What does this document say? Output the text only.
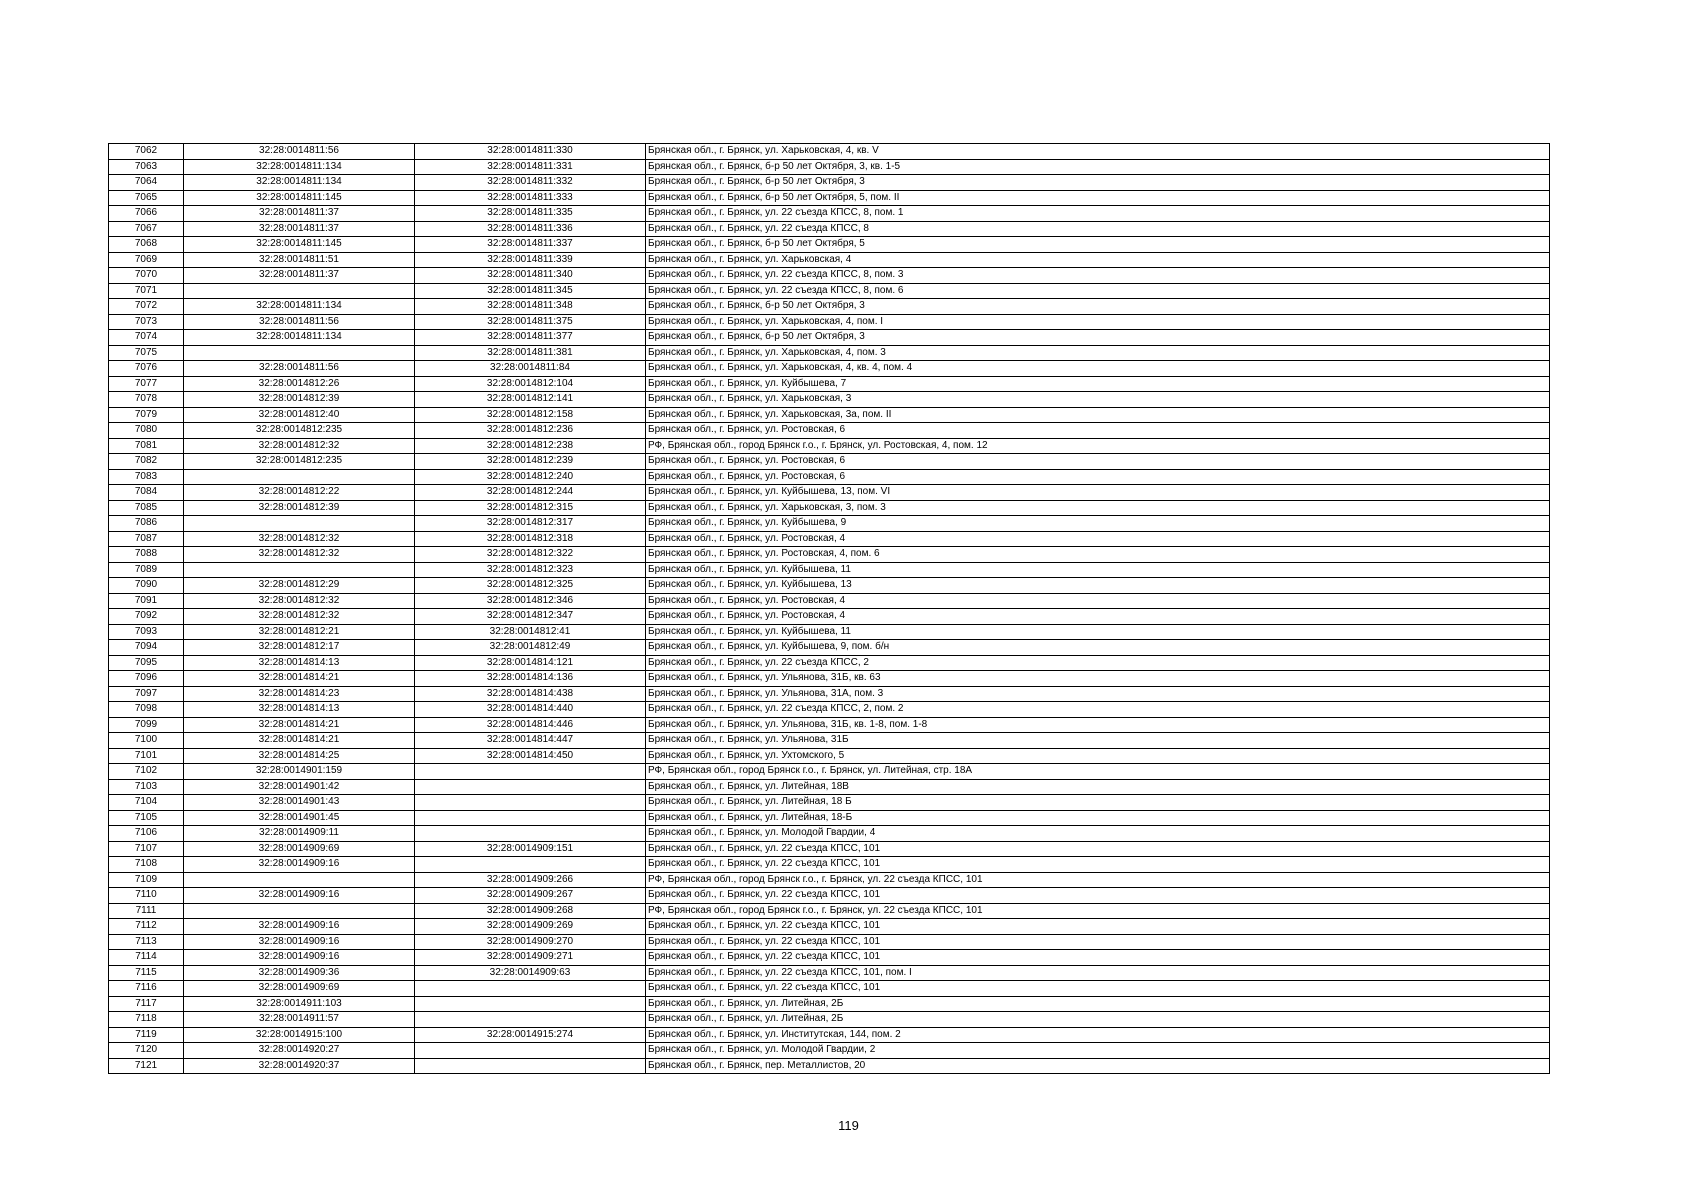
7062	32:28:0014811:56	32:28:0014811:330	Брянская обл., г. Брянск, ул. Харьковская, 4, кв. V
7063	32:28:0014811:134	32:28:0014811:331	Брянская обл., г. Брянск, б-р 50 лет Октября, 3, кв. 1-5
7064	32:28:0014811:134	32:28:0014811:332	Брянская обл., г. Брянск, б-р 50 лет Октября, 3
7065	32:28:0014811:145	32:28:0014811:333	Брянская обл., г. Брянск, б-р 50 лет Октября, 5, пом. II
7066	32:28:0014811:37	32:28:0014811:335	Брянская обл., г. Брянск, ул. 22 съезда КПСС, 8, пом. 1
7067	32:28:0014811:37	32:28:0014811:336	Брянская обл., г. Брянск, ул. 22 съезда КПСС, 8
7068	32:28:0014811:145	32:28:0014811:337	Брянская обл., г. Брянск, б-р 50 лет Октября, 5
7069	32:28:0014811:51	32:28:0014811:339	Брянская обл., г. Брянск, ул. Харьковская, 4
7070	32:28:0014811:37	32:28:0014811:340	Брянская обл., г. Брянск, ул. 22 съезда КПСС, 8, пом. 3
7071		32:28:0014811:345	Брянская обл., г. Брянск, ул. 22 съезда КПСС, 8, пом. 6
7072	32:28:0014811:134	32:28:0014811:348	Брянская обл., г. Брянск, б-р 50 лет Октября, 3
7073	32:28:0014811:56	32:28:0014811:375	Брянская обл., г. Брянск, ул. Харьковская, 4, пом. I
7074	32:28:0014811:134	32:28:0014811:377	Брянская обл., г. Брянск, б-р 50 лет Октября, 3
7075		32:28:0014811:381	Брянская обл., г. Брянск, ул. Харьковская, 4, пом. 3
7076	32:28:0014811:56	32:28:0014811:84	Брянская обл., г. Брянск, ул. Харьковская, 4, кв. 4, пом. 4
7077	32:28:0014812:26	32:28:0014812:104	Брянская обл., г. Брянск, ул. Куйбышева, 7
7078	32:28:0014812:39	32:28:0014812:141	Брянская обл., г. Брянск, ул. Харьковская, 3
7079	32:28:0014812:40	32:28:0014812:158	Брянская обл., г. Брянск, ул. Харьковская, 3а, пом. II
7080	32:28:0014812:235	32:28:0014812:236	Брянская обл., г. Брянск, ул. Ростовская, 6
7081	32:28:0014812:32	32:28:0014812:238	РФ, Брянская обл., город Брянск г.о., г. Брянск, ул. Ростовская, 4, пом. 12
7082	32:28:0014812:235	32:28:0014812:239	Брянская обл., г. Брянск, ул. Ростовская, 6
7083		32:28:0014812:240	Брянская обл., г. Брянск, ул. Ростовская, 6
7084	32:28:0014812:22	32:28:0014812:244	Брянская обл., г. Брянск, ул. Куйбышева, 13, пом. VI
7085	32:28:0014812:39	32:28:0014812:315	Брянская обл., г. Брянск, ул. Харьковская, 3, пом. 3
7086		32:28:0014812:317	Брянская обл., г. Брянск, ул. Куйбышева, 9
7087	32:28:0014812:32	32:28:0014812:318	Брянская обл., г. Брянск, ул. Ростовская, 4
7088	32:28:0014812:32	32:28:0014812:322	Брянская обл., г. Брянск, ул. Ростовская, 4, пом. 6
7089		32:28:0014812:323	Брянская обл., г. Брянск, ул. Куйбышева, 11
7090	32:28:0014812:29	32:28:0014812:325	Брянская обл., г. Брянск, ул. Куйбышева, 13
7091	32:28:0014812:32	32:28:0014812:346	Брянская обл., г. Брянск, ул. Ростовская, 4
7092	32:28:0014812:32	32:28:0014812:347	Брянская обл., г. Брянск, ул. Ростовская, 4
7093	32:28:0014812:21	32:28:0014812:41	Брянская обл., г. Брянск, ул. Куйбышева, 11
7094	32:28:0014812:17	32:28:0014812:49	Брянская обл., г. Брянск, ул. Куйбышева, 9, пом. б/н
7095	32:28:0014814:13	32:28:0014814:121	Брянская обл., г. Брянск, ул. 22 съезда КПСС, 2
7096	32:28:0014814:21	32:28:0014814:136	Брянская обл., г. Брянск, ул. Ульянова, 31Б, кв. 63
7097	32:28:0014814:23	32:28:0014814:438	Брянская обл., г. Брянск, ул. Ульянова, 31А, пом. 3
7098	32:28:0014814:13	32:28:0014814:440	Брянская обл., г. Брянск, ул. 22 съезда КПСС, 2, пом. 2
7099	32:28:0014814:21	32:28:0014814:446	Брянская обл., г. Брянск, ул. Ульянова, 31Б, кв. 1-8, пом. 1-8
7100	32:28:0014814:21	32:28:0014814:447	Брянская обл., г. Брянск, ул. Ульянова, 31Б
7101	32:28:0014814:25	32:28:0014814:450	Брянская обл., г. Брянск, ул. Ухтомского, 5
7102	32:28:0014901:159		РФ, Брянская обл., город Брянск г.о., г. Брянск, ул. Литейная, стр. 18А
7103	32:28:0014901:42		Брянская обл., г. Брянск, ул. Литейная, 18В
7104	32:28:0014901:43		Брянская обл., г. Брянск, ул. Литейная, 18 Б
7105	32:28:0014901:45		Брянская обл., г. Брянск, ул. Литейная, 18-Б
7106	32:28:0014909:11		Брянская обл., г. Брянск, ул. Молодой Гвардии, 4
7107	32:28:0014909:69	32:28:0014909:151	Брянская обл., г. Брянск, ул. 22 съезда КПСС, 101
7108	32:28:0014909:16		Брянская обл., г. Брянск, ул. 22 съезда КПСС, 101
7109		32:28:0014909:266	РФ, Брянская обл., город Брянск г.о., г. Брянск, ул. 22 съезда КПСС, 101
7110	32:28:0014909:16	32:28:0014909:267	Брянская обл., г. Брянск, ул. 22 съезда КПСС, 101
7111		32:28:0014909:268	РФ, Брянская обл., город Брянск г.о., г. Брянск, ул. 22 съезда КПСС, 101
7112	32:28:0014909:16	32:28:0014909:269	Брянская обл., г. Брянск, ул. 22 съезда КПСС, 101
7113	32:28:0014909:16	32:28:0014909:270	Брянская обл., г. Брянск, ул. 22 съезда КПСС, 101
7114	32:28:0014909:16	32:28:0014909:271	Брянская обл., г. Брянск, ул. 22 съезда КПСС, 101
7115	32:28:0014909:36	32:28:0014909:63	Брянская обл., г. Брянск, ул. 22 съезда КПСС, 101, пом. I
7116	32:28:0014909:69		Брянская обл., г. Брянск, ул. 22 съезда КПСС, 101
7117	32:28:0014911:103		Брянская обл., г. Брянск, ул. Литейная, 2Б
7118	32:28:0014911:57		Брянская обл., г. Брянск, ул. Литейная, 2Б
7119	32:28:0014915:100	32:28:0014915:274	Брянская обл., г. Брянск, ул. Институтская, 144, пом. 2
7120	32:28:0014920:27		Брянская обл., г. Брянск, ул. Молодой Гвардии, 2
7121	32:28:0014920:37		Брянская обл., г. Брянск, пер. Металлистов, 20
119
